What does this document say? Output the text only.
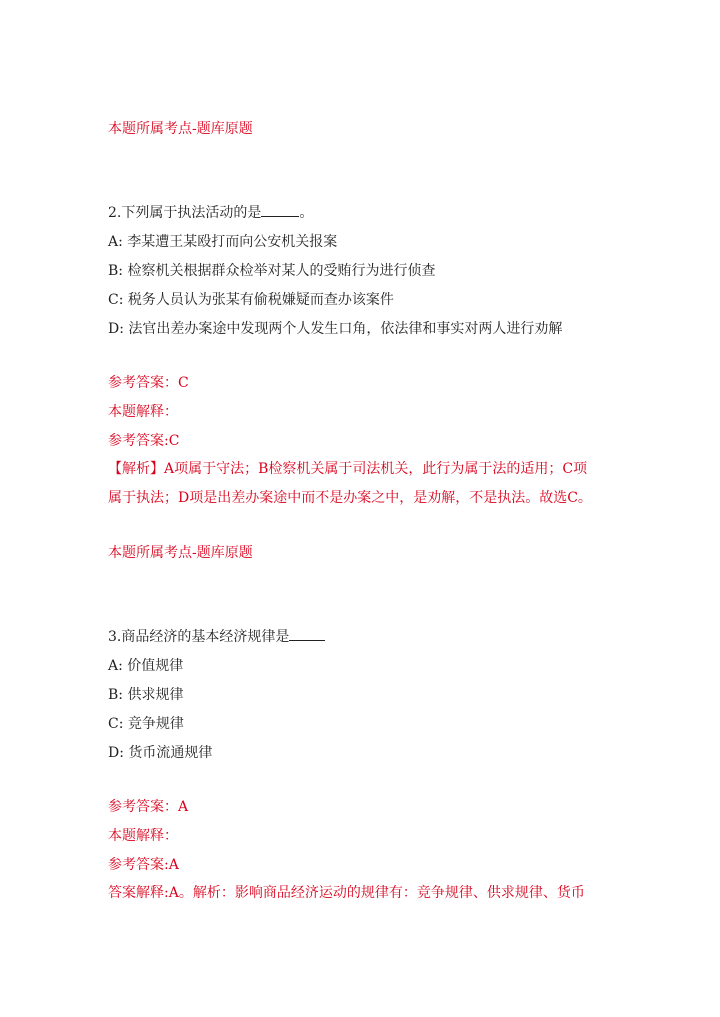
本题所属考点-题库原题
2.下列属于执法活动的是	。
A: 李某遭王某殴打而向公安机关报案
B: 检察机关根据群众检举对某人的受贿行为进行侦查
C: 税务人员认为张某有偷税嫌疑而查办该案件
D: 法官出差办案途中发现两个人发生口角，依法律和事实对两人进行劝解
参考答案：C
本题解释：
参考答案:C
【解析】A项属于守法；B检察机关属于司法机关，此行为属于法的适用；C项
属于执法；D项是出差办案途中而不是办案之中，是劝解，不是执法。故选C。
本题所属考点-题库原题
3.商品经济的基本经济规律是
A: 价值规律
B: 供求规律
C: 竞争规律
D: 货币流通规律
参考答案：A
本题解释：
参考答案:A
答案解释:A。解析：影响商品经济运动的规律有：竞争规律、供求规律、货币
